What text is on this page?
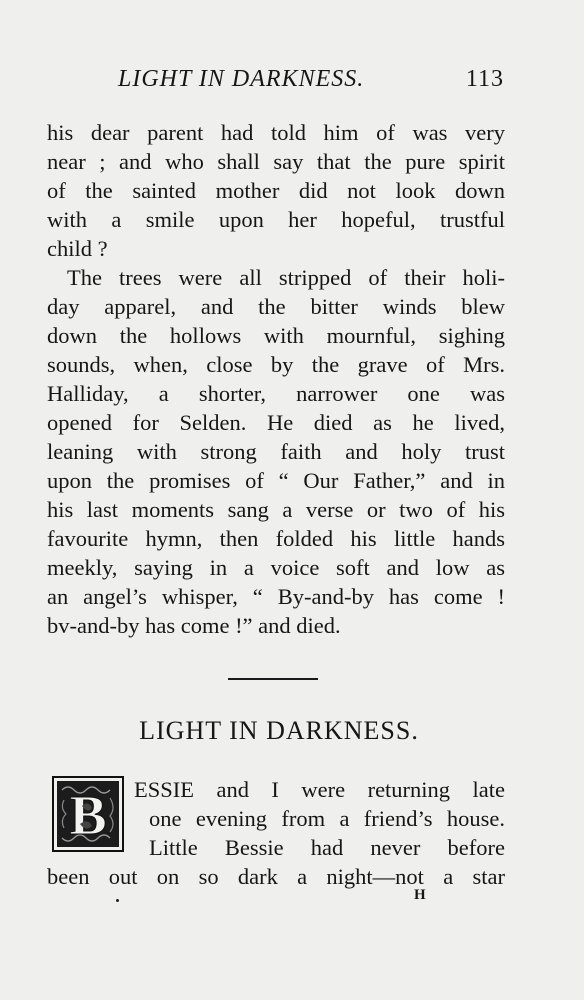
LIGHT IN DARKNESS.	113
his dear parent had told him of was very
near ; and who shall say that the pure spirit
of the sainted mother did not look down
with a smile upon her hopeful, trustful
child ?
The trees were all stripped of their holi-
day apparel, and the bitter winds blew
down the hollows with mournful, sighing
sounds, when, close by the grave of Mrs.
Halliday, a shorter, narrower one was
opened for Selden. He died as he lived,
leaning with strong faith and holy trust
upon the promises of “ Our Father,” and in
his last moments sang a verse or two of his
favourite hymn, then folded his little hands
meekly, saying in a voice soft and low as
an angel’s whisper, “ By-and-by has come !
bv-and-by has come !” and died.
LIGHT IN DARKNESS.
B ESSIE and I were returning late
one evening from a friend’s house.
Little Bessie had never before
been out on so dark a night—not a star
H
